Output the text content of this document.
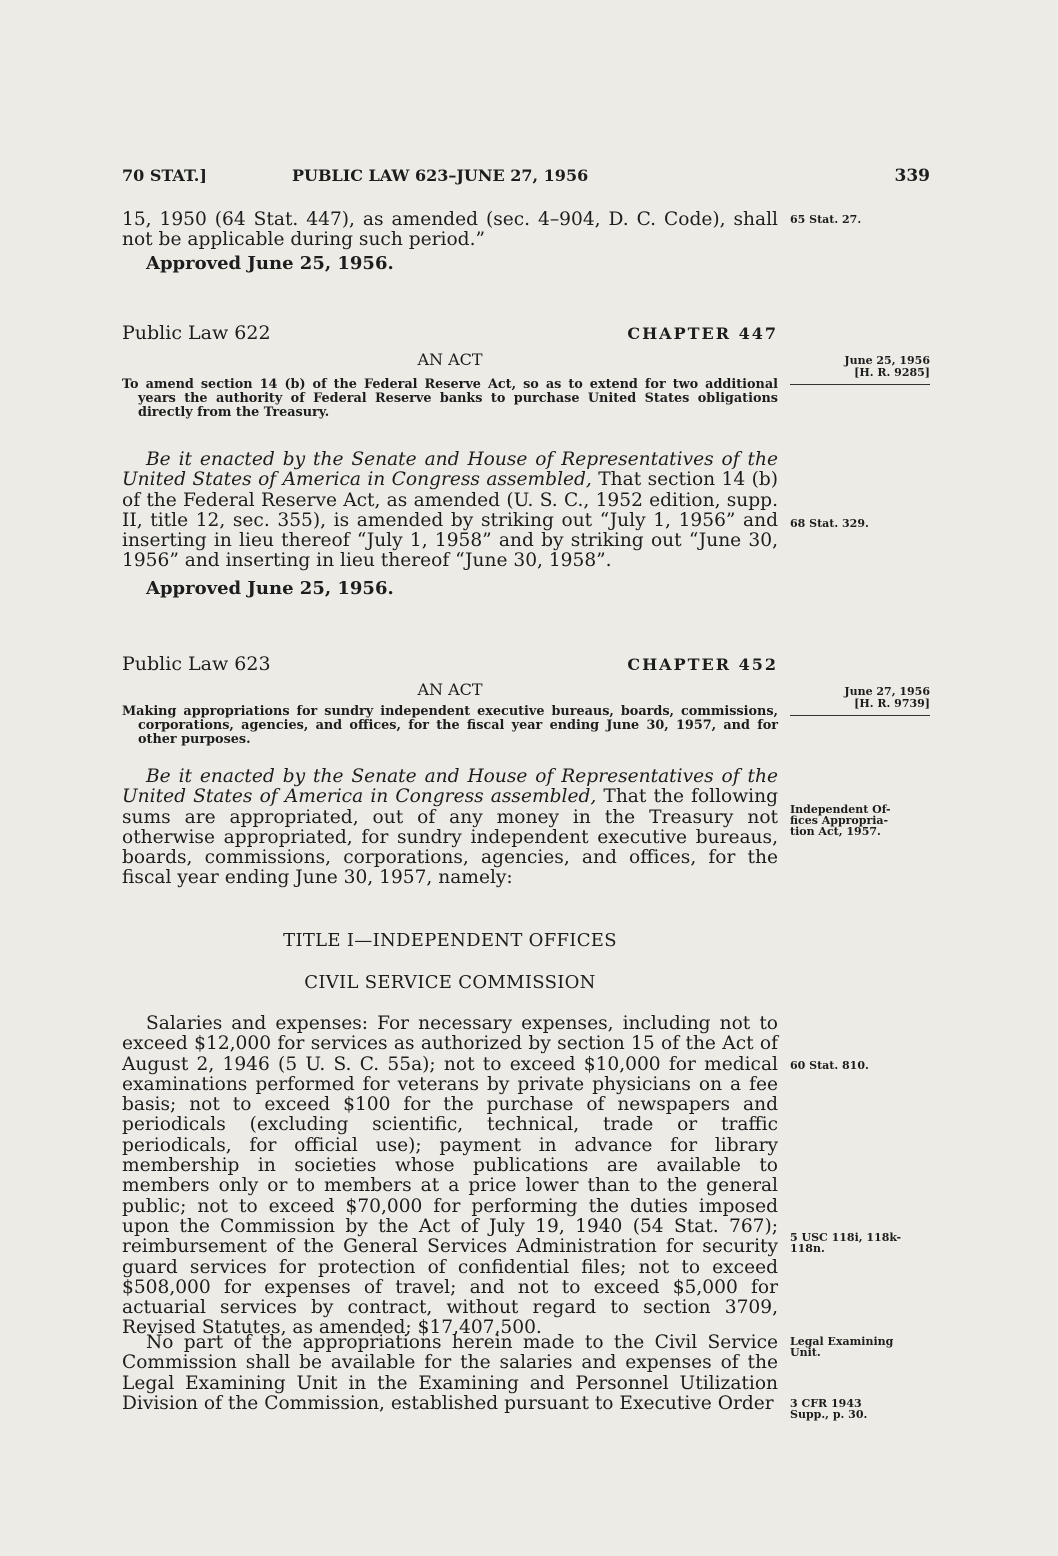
70 STAT.]	PUBLIC LAW 623–JUNE 27, 1956	339

15, 1950 (64 Stat. 447), as amended (sec. 4–904, D. C. Code), shall not be applicable during such period.”

Approved June 25, 1956.

65 Stat. 27.
Public Law 622	CHAPTER 447
AN ACT	June 25, 1956
[H. R. 9285]

To amend section 14 (b) of the Federal Reserve Act, so as to extend for two additional years the authority of Federal Reserve banks to purchase United States obligations directly from the Treasury.

Be it enacted by the Senate and House of Representatives of the United States of America in Congress assembled, That section 14 (b) of the Federal Reserve Act, as amended (U. S. C., 1952 edition, supp. II, title 12, sec. 355), is amended by striking out “July 1, 1956” and inserting in lieu thereof “July 1, 1958” and by striking out “June 30, 1956” and inserting in lieu thereof “June 30, 1958”.

Approved June 25, 1956.

68 Stat. 329.
Public Law 623	CHAPTER 452
AN ACT	June 27, 1956
[H. R. 9739]

Making appropriations for sundry independent executive bureaus, boards, commissions, corporations, agencies, and offices, for the fiscal year ending June 30, 1957, and for other purposes.

Be it enacted by the Senate and House of Representatives of the United States of America in Congress assembled, That the following sums are appropriated, out of any money in the Treasury not otherwise appropriated, for sundry independent executive bureaus, boards, commissions, corporations, agencies, and offices, for the fiscal year ending June 30, 1957, namely:

Independent Of-
fices Appropria-
tion Act, 1957.
TITLE I—INDEPENDENT OFFICES
CIVIL SERVICE COMMISSION

Salaries and expenses: For necessary expenses, including not to exceed $12,000 for services as authorized by section 15 of the Act of August 2, 1946 (5 U. S. C. 55a); not to exceed $10,000 for medical examinations performed for veterans by private physicians on a fee basis; not to exceed $100 for the purchase of newspapers and periodicals (excluding scientific, technical, trade or traffic periodicals, for official use); payment in advance for library membership in societies whose publications are available to members only or to members at a price lower than to the general public; not to exceed $70,000 for performing the duties imposed upon the Commission by the Act of July 19, 1940 (54 Stat. 767); reimbursement of the General Services Administration for security guard services for protection of confidential files; not to exceed $508,000 for expenses of travel; and not to exceed $5,000 for actuarial services by contract, without regard to section 3709, Revised Statutes, as amended; $17,407,500.

60 Stat. 810.
5 USC 118i, 118k-
118n.

No part of the appropriations herein made to the Civil Service Commission shall be available for the salaries and expenses of the Legal Examining Unit in the Examining and Personnel Utilization Division of the Commission, established pursuant to Executive Order

Legal Examining
Unit.
3 CFR 1943
Supp., p. 30.
